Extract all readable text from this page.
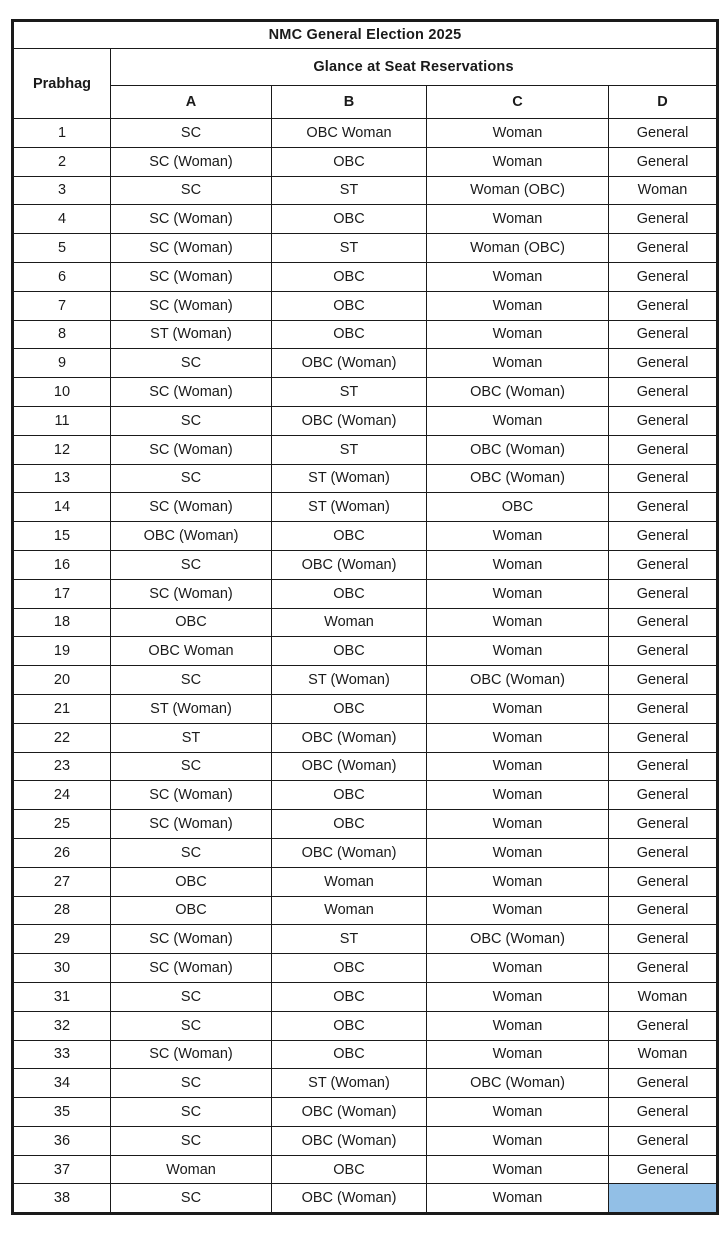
NMC General Election 2025				
Prabhag	Glance at Seat Reservations			
	A	B	C	D
1	SC	OBC Woman	Woman	General
2	SC (Woman)	OBC	Woman	General
3	SC	ST	Woman (OBC)	Woman
4	SC (Woman)	OBC	Woman	General
5	SC (Woman)	ST	Woman (OBC)	General
6	SC (Woman)	OBC	Woman	General
7	SC (Woman)	OBC	Woman	General
8	ST (Woman)	OBC	Woman	General
9	SC	OBC (Woman)	Woman	General
10	SC (Woman)	ST	OBC (Woman)	General
11	SC	OBC (Woman)	Woman	General
12	SC (Woman)	ST	OBC (Woman)	General
13	SC	ST (Woman)	OBC (Woman)	General
14	SC (Woman)	ST (Woman)	OBC	General
15	OBC (Woman)	OBC	Woman	General
16	SC	OBC (Woman)	Woman	General
17	SC (Woman)	OBC	Woman	General
18	OBC	Woman	Woman	General
19	OBC Woman	OBC	Woman	General
20	SC	ST (Woman)	OBC (Woman)	General
21	ST (Woman)	OBC	Woman	General
22	ST	OBC (Woman)	Woman	General
23	SC	OBC (Woman)	Woman	General
24	SC (Woman)	OBC	Woman	General
25	SC (Woman)	OBC	Woman	General
26	SC	OBC (Woman)	Woman	General
27	OBC	Woman	Woman	General
28	OBC	Woman	Woman	General
29	SC (Woman)	ST	OBC (Woman)	General
30	SC (Woman)	OBC	Woman	General
31	SC	OBC	Woman	Woman
32	SC	OBC	Woman	General
33	SC (Woman)	OBC	Woman	Woman
34	SC	ST (Woman)	OBC (Woman)	General
35	SC	OBC (Woman)	Woman	General
36	SC	OBC (Woman)	Woman	General
37	Woman	OBC	Woman	General
38	SC	OBC (Woman)	Woman	
